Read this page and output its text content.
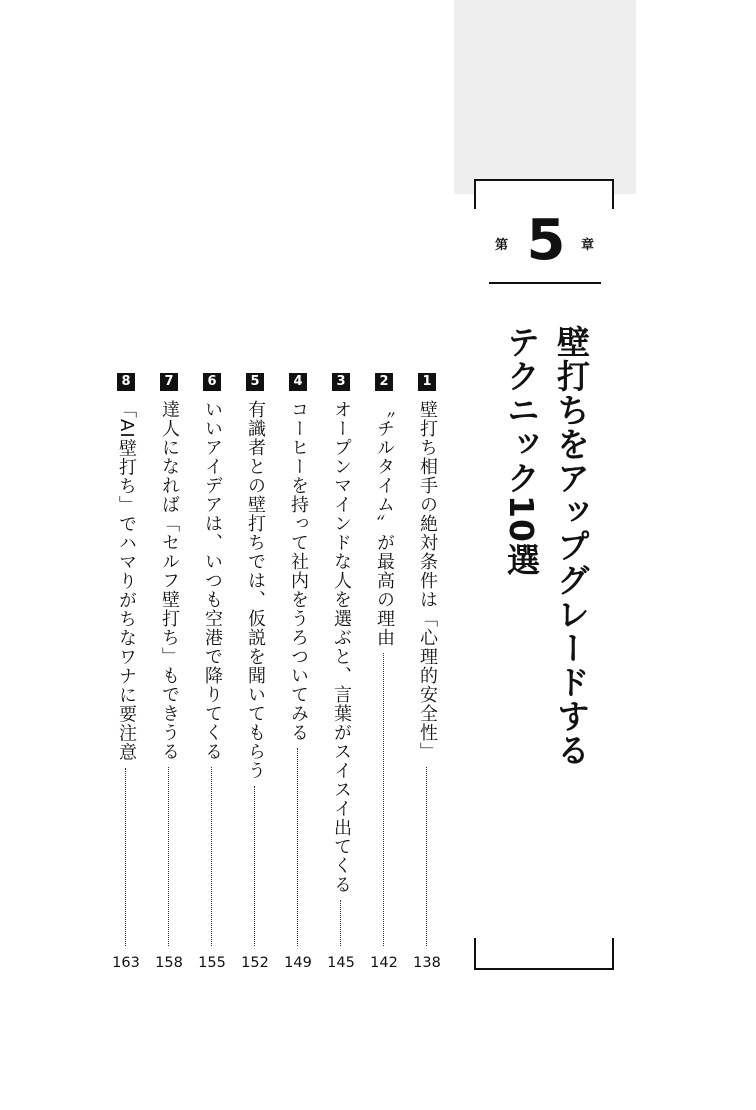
第 5	章
壁打ちをアップグレードする
テクニック10選
1
壁打ち相手の絶対条件は「心理的安全性」
138
2
〝チルタイム〟が最高の理由
142
3
オープンマインドな人を選ぶと、言葉がスイスイ出てくる
145
4
コーヒーを持って社内をうろついてみる
149
5
有識者との壁打ちでは、仮説を聞いてもらう
152
6
いいアイデアは、いつも空港で降りてくる
155
7
達人になれば「セルフ壁打ち」もできうる
158
8
「AI壁打ち」でハマりがちなワナに要注意
163
